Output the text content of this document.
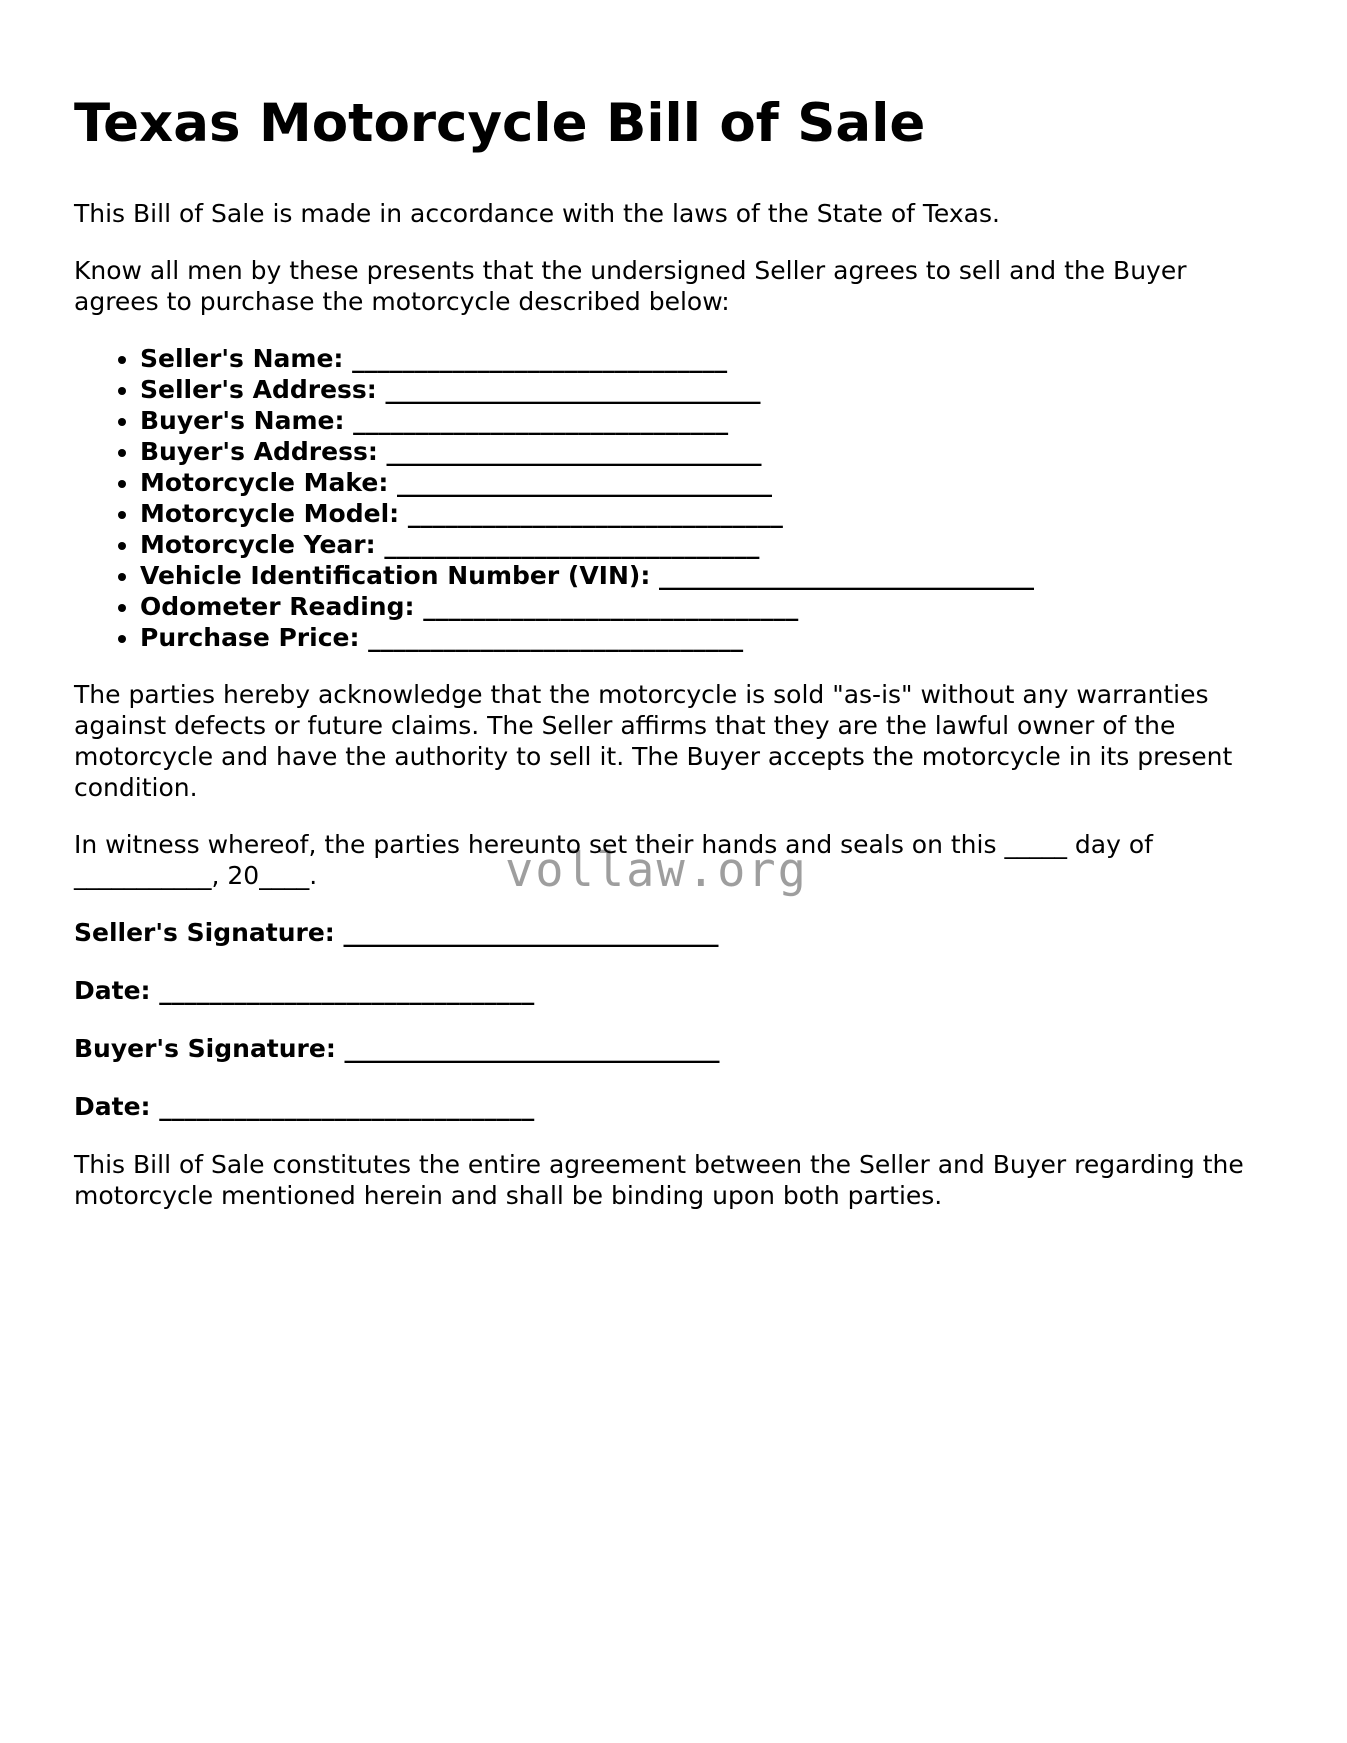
Texas Motorcycle Bill of Sale

This Bill of Sale is made in accordance with the laws of the State of Texas.

Know all men by these presents that the undersigned Seller agrees to sell and the Buyer agrees to purchase the motorcycle described below:

• Seller's Name: ______________________________
• Seller's Address: ______________________________
• Buyer's Name: ______________________________
• Buyer's Address: ______________________________
• Motorcycle Make: ______________________________
• Motorcycle Model: ______________________________
• Motorcycle Year: ______________________________
• Vehicle Identification Number (VIN): ______________________________
• Odometer Reading: ______________________________
• Purchase Price: ______________________________

The parties hereby acknowledge that the motorcycle is sold "as-is" without any warranties against defects or future claims. The Seller affirms that they are the lawful owner of the motorcycle and have the authority to sell it. The Buyer accepts the motorcycle in its present condition.

In witness whereof, the parties hereunto set their hands and seals on this _____ day of ___________, 20____.

Seller's Signature: ______________________________

Date: ______________________________

Buyer's Signature: ______________________________

Date: ______________________________

This Bill of Sale constitutes the entire agreement between the Seller and Buyer regarding the motorcycle mentioned herein and shall be binding upon both parties.

vollaw.org
